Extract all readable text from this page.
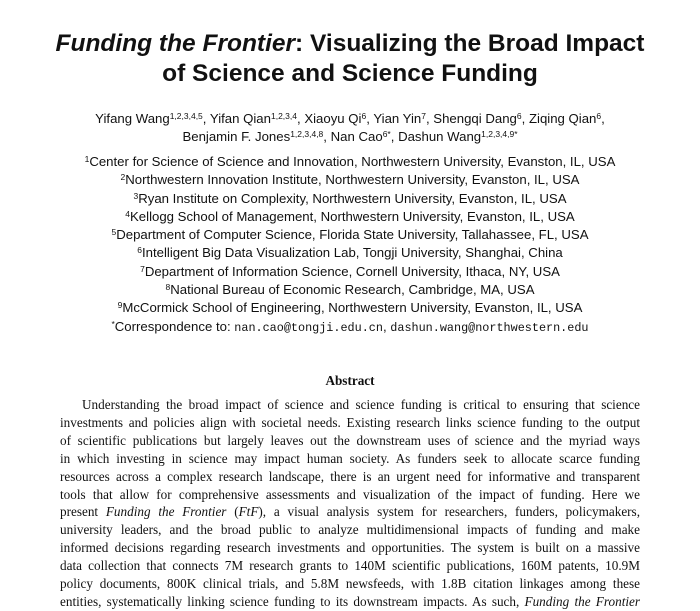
Funding the Frontier: Visualizing the Broad Impact
of Science and Science Funding

Yifang Wang$^{1,2,3,4,5}$, Yifan Qian$^{1,2,3,4}$, Xiaoyu Qi$^6$, Yian Yin$^7$, Shengqi Dang$^6$, Ziqing Qian$^6$,
Benjamin F. Jones$^{1,2,3,4,8}$, Nan Cao$^{6*}$, Dashun Wang$^{1,2,3,4,9*}$

$^1$Center for Science of Science and Innovation, Northwestern University, Evanston, IL, USA
$^2$Northwestern Innovation Institute, Northwestern University, Evanston, IL, USA
$^3$Ryan Institute on Complexity, Northwestern University, Evanston, IL, USA
$^4$Kellogg School of Management, Northwestern University, Evanston, IL, USA
$^5$Department of Computer Science, Florida State University, Tallahassee, FL, USA
$^6$Intelligent Big Data Visualization Lab, Tongji University, Shanghai, China
$^7$Department of Information Science, Cornell University, Ithaca, NY, USA
$^8$National Bureau of Economic Research, Cambridge, MA, USA
$^9$McCormick School of Engineering, Northwestern University, Evanston, IL, USA
*Correspondence to: nan.cao@tongji.edu.cn, dashun.wang@northwestern.edu
Abstract
Understanding the broad impact of science and science funding is critical to ensuring that science
investments and policies align with societal needs. Existing research links science funding to the output
of scientific publications but largely leaves out the downstream uses of science and the myriad ways
in which investing in science may impact human society. As funders seek to allocate scarce funding
resources across a complex research landscape, there is an urgent need for informative and transparent
tools that allow for comprehensive assessments and visualization of the impact of funding. Here we
present Funding the Frontier (FtF), a visual analysis system for researchers, funders, policymakers,
university leaders, and the broad public to analyze multidimensional impacts of funding and make
informed decisions regarding research investments and opportunities. The system is built on a massive
data collection that connects 7M research grants to 140M scientific publications, 160M patents, 10.9M
policy documents, 800K clinical trials, and 5.8M newsfeeds, with 1.8B citation linkages among these
entities, systematically linking science funding to its downstream impacts. As such, Funding the Frontier
